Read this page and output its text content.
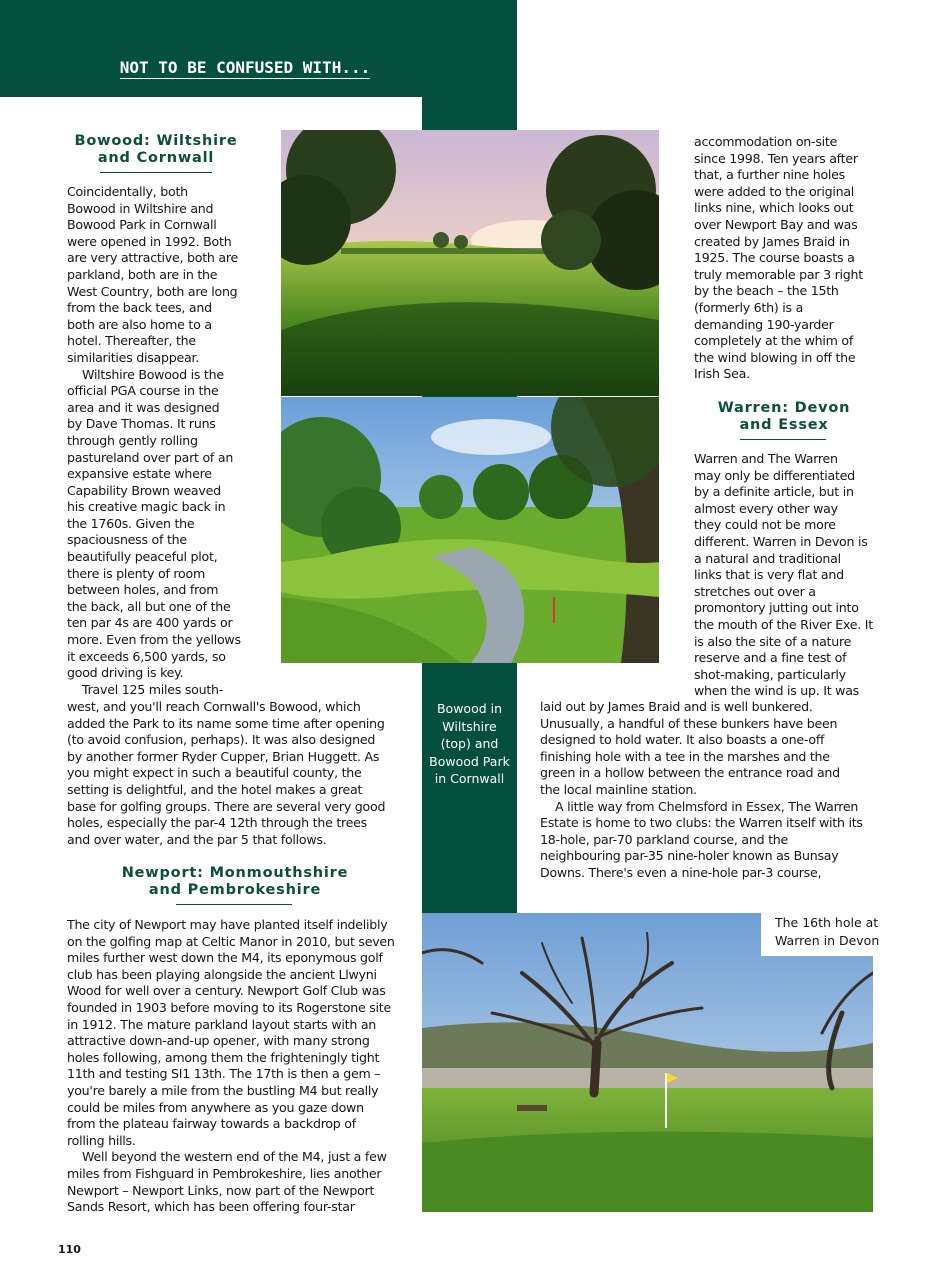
NOT TO BE CONFUSED WITH...
Bowood: Wiltshire
and Cornwall

Coincidentally, both
Bowood in Wiltshire and
Bowood Park in Cornwall
were opened in 1992. Both
are very attractive, both are
parkland, both are in the
West Country, both are long
from the back tees, and
both are also home to a
hotel. Thereafter, the
similarities disappear.
Wiltshire Bowood is the
official PGA course in the
area and it was designed
by Dave Thomas. It runs
through gently rolling
pastureland over part of an
expansive estate where
Capability Brown weaved
his creative magic back in
the 1760s. Given the
spaciousness of the
beautifully peaceful plot,
there is plenty of room
between holes, and from
the back, all but one of the
ten par 4s are 400 yards or
more. Even from the yellows
it exceeds 6,500 yards, so
good driving is key.
Travel 125 miles south-

west, and you'll reach Cornwall's Bowood, which
added the Park to its name some time after opening
(to avoid confusion, perhaps). It was also designed
by another former Ryder Cupper, Brian Huggett. As
you might expect in such a beautiful county, the
setting is delightful, and the hotel makes a great
base for golfing groups. There are several very good
holes, especially the par-4 12th through the trees
and over water, and the par 5 that follows.

Newport: Monmouthshire
and Pembrokeshire

The city of Newport may have planted itself indelibly
on the golfing map at Celtic Manor in 2010, but seven
miles further west down the M4, its eponymous golf
club has been playing alongside the ancient Llwyni
Wood for well over a century. Newport Golf Club was
founded in 1903 before moving to its Rogerstone site
in 1912. The mature parkland layout starts with an
attractive down-and-up opener, with many strong
holes following, among them the frighteningly tight
11th and testing SI1 13th. The 17th is then a gem –
you're barely a mile from the bustling M4 but really
could be miles from anywhere as you gaze down
from the plateau fairway towards a backdrop of
rolling hills.
Well beyond the western end of the M4, just a few
miles from Fishguard in Pembrokeshire, lies another
Newport – Newport Links, now part of the Newport
Sands Resort, which has been offering four-star

accommodation on-site
since 1998. Ten years after
that, a further nine holes
were added to the original
links nine, which looks out
over Newport Bay and was
created by James Braid in
1925. The course boasts a
truly memorable par 3 right
by the beach – the 15th
(formerly 6th) is a
demanding 190-yarder
completely at the whim of
the wind blowing in off the
Irish Sea.

Warren: Devon
and Essex

Warren and The Warren
may only be differentiated
by a definite article, but in
almost every other way
they could not be more
different. Warren in Devon is
a natural and traditional
links that is very flat and
stretches out over a
promontory jutting out into
the mouth of the River Exe. It
is also the site of a nature
reserve and a fine test of
shot-making, particularly
when the wind is up. It was

laid out by James Braid and is well bunkered.
Unusually, a handful of these bunkers have been
designed to hold water. It also boasts a one-off
finishing hole with a tee in the marshes and the
green in a hollow between the entrance road and
the local mainline station.
A little way from Chelmsford in Essex, The Warren
Estate is home to two clubs: the Warren itself with its
18-hole, par-70 parkland course, and the
neighbouring par-35 nine-holer known as Bunsay
Downs. There's even a nine-hole par-3 course,

Bowood in
Wiltshire
(top) and
Bowood Park
in Cornwall
The 16th hole at
Warren in Devon
110
